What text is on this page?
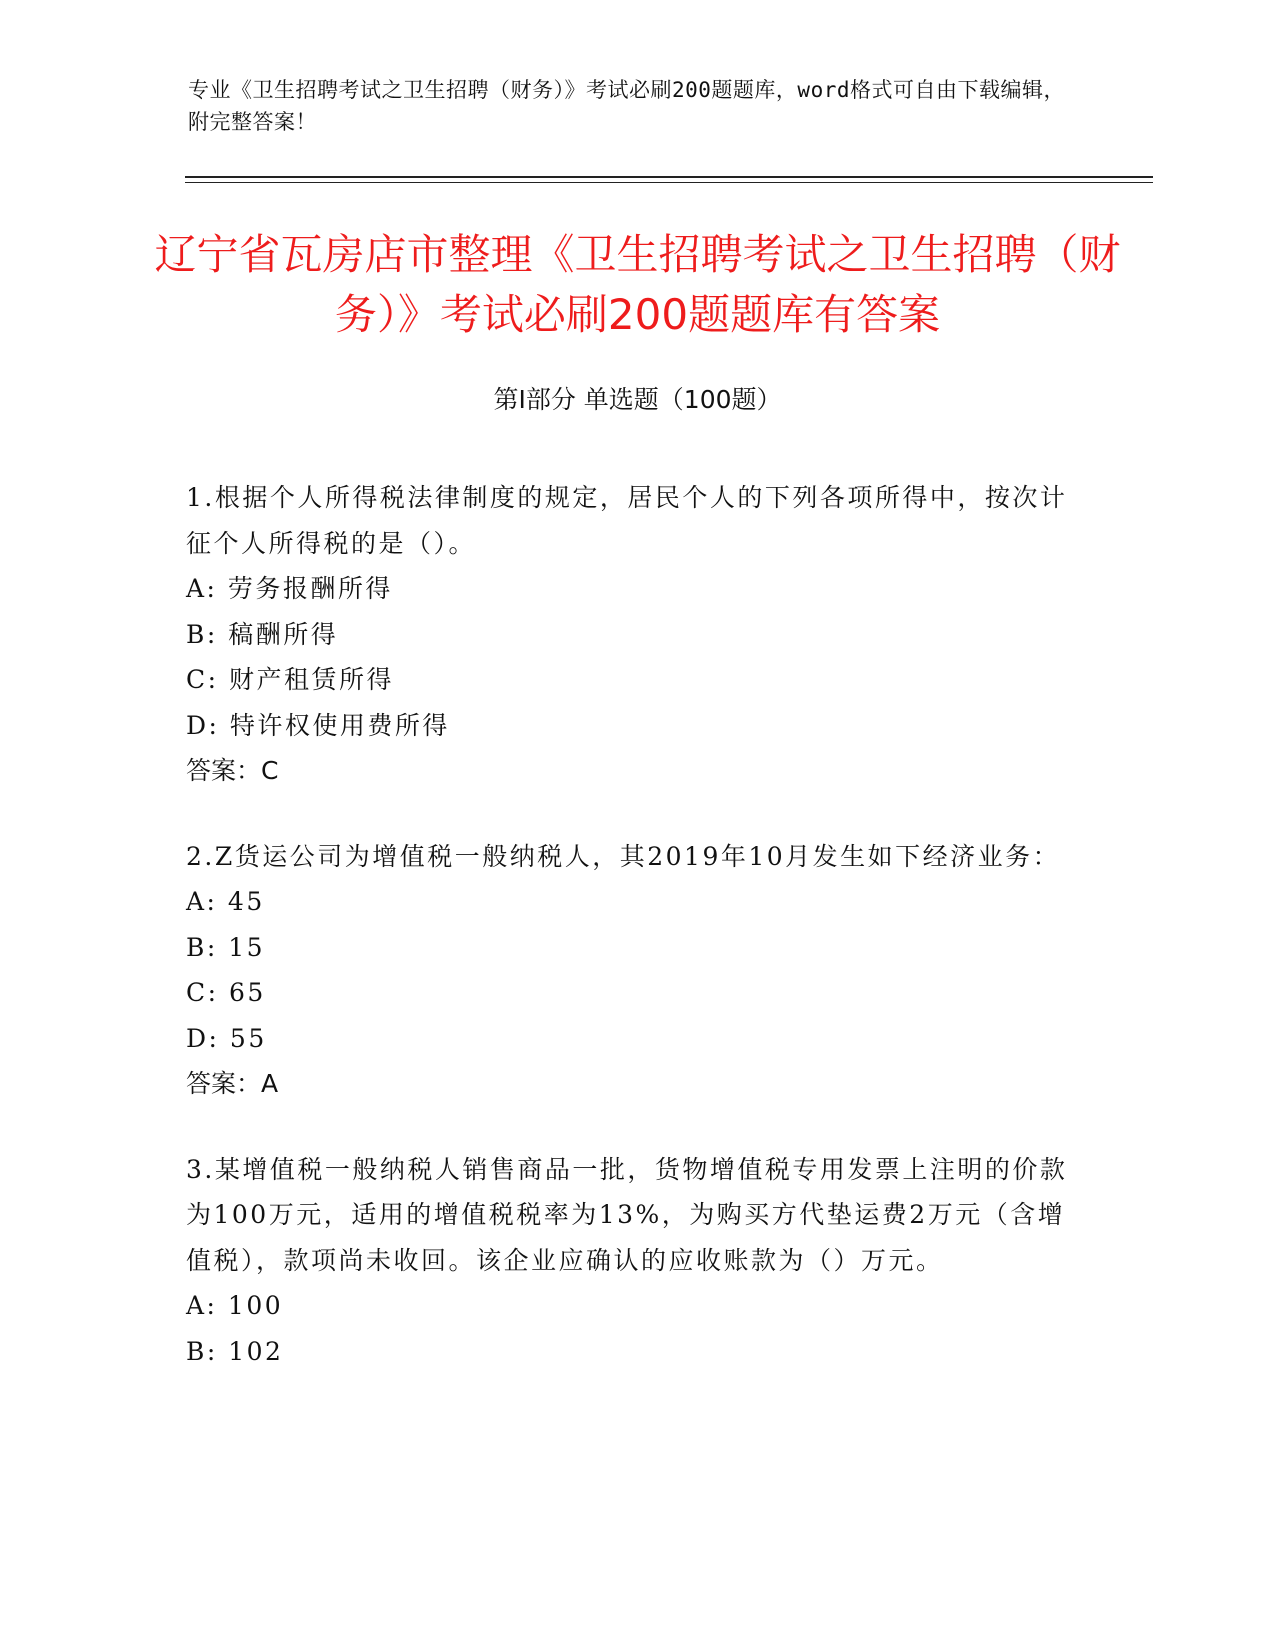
专业《卫生招聘考试之卫生招聘（财务）》考试必刷200题题库，word格式可自由下载编辑，附完整答案！
辽宁省瓦房店市整理《卫生招聘考试之卫生招聘（财务）》考试必刷200题题库有答案
第Ⅰ部分 单选题（100题）

1.根据个人所得税法律制度的规定，居民个人的下列各项所得中，按次计征个人所得税的是（）。

A: 劳务报酬所得

B: 稿酬所得

C: 财产租赁所得

D: 特许权使用费所得

答案：C

2.Z货运公司为增值税一般纳税人，其2019年10月发生如下经济业务：

A: 45

B: 15

C: 65

D: 55

答案：A

3.某增值税一般纳税人销售商品一批，货物增值税专用发票上注明的价款为100万元，适用的增值税税率为13%，为购买方代垫运费2万元（含增值税），款项尚未收回。该企业应确认的应收账款为（）万元。

A: 100

B: 102
